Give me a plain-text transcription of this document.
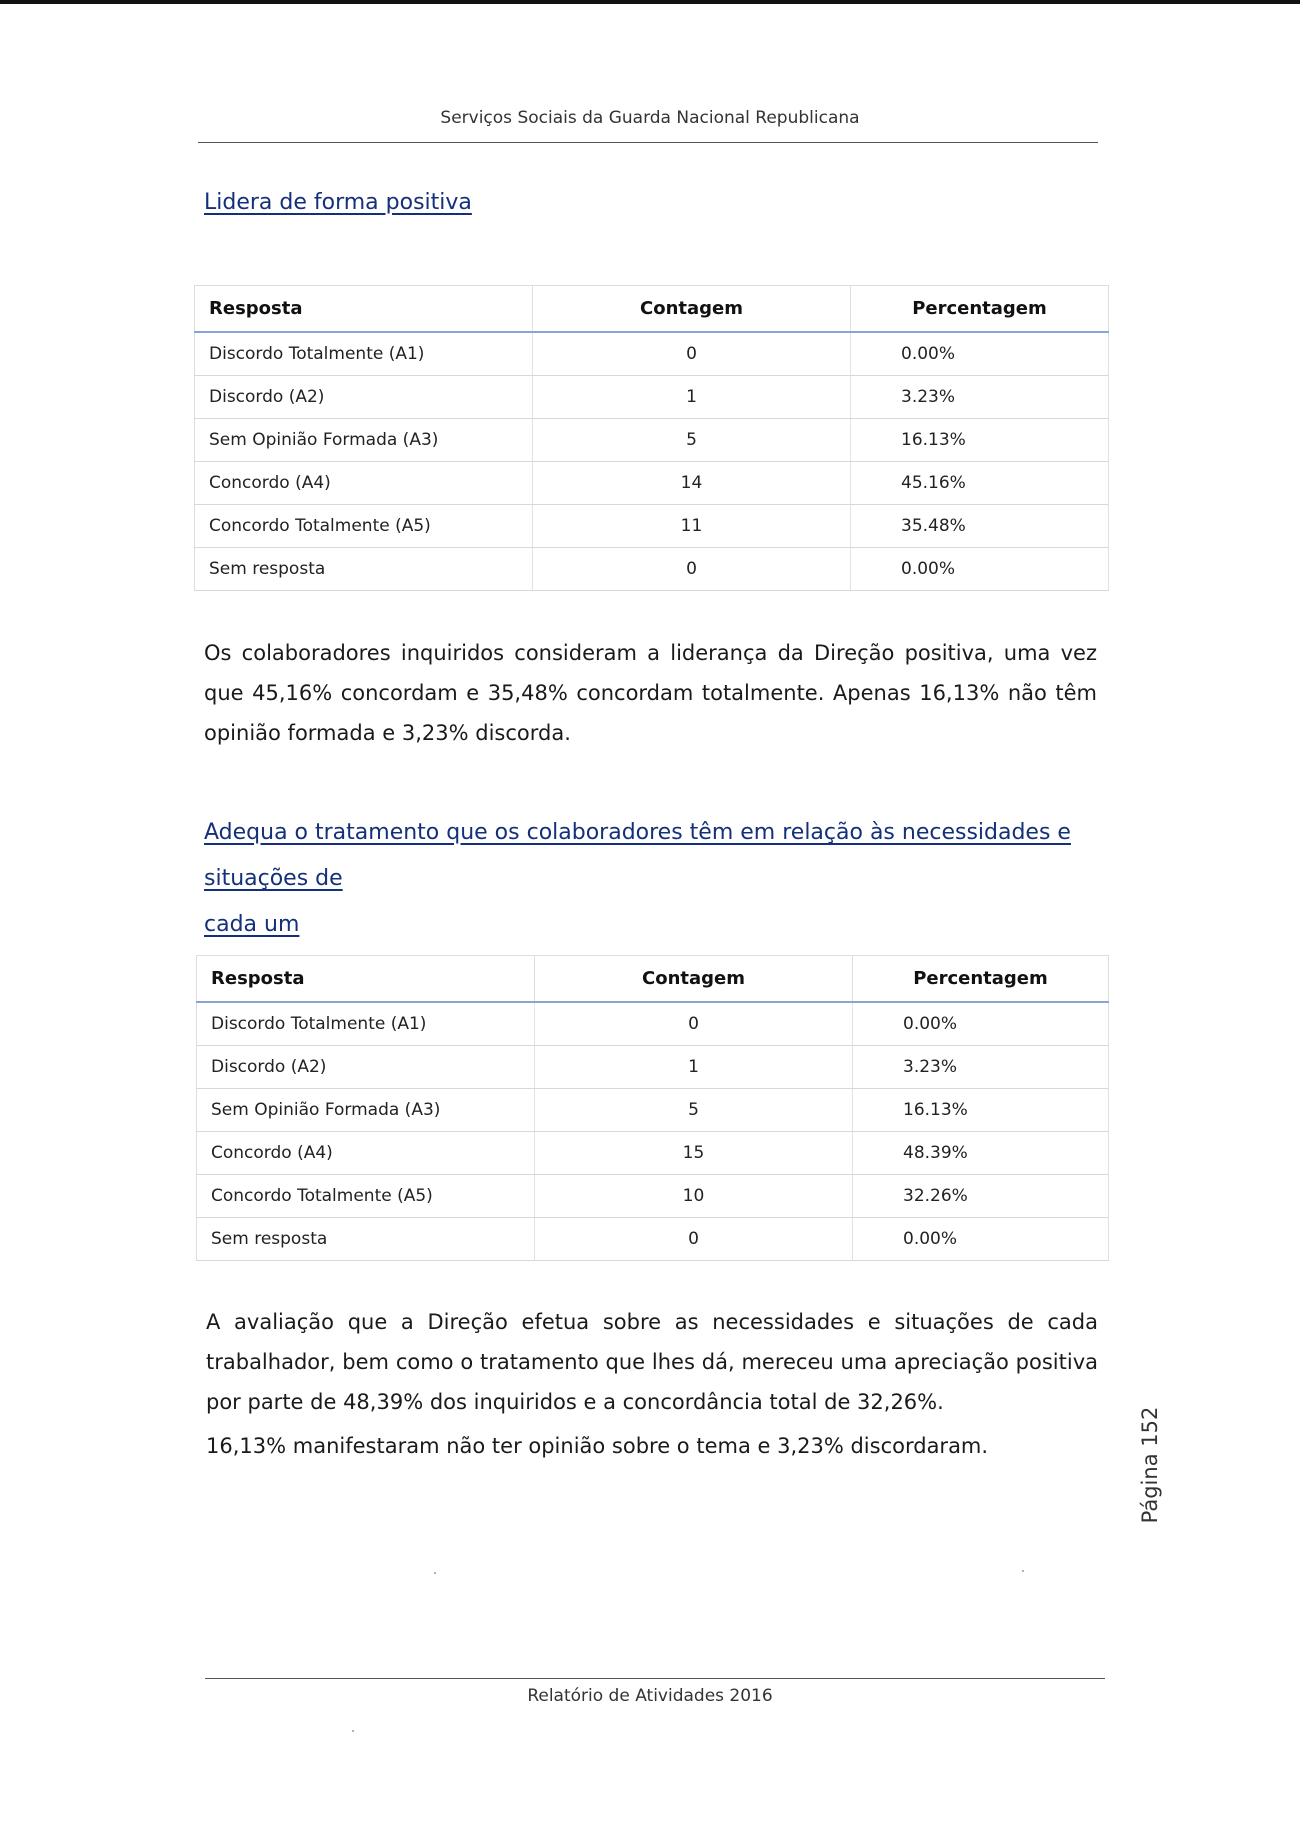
Serviços Sociais da Guarda Nacional Republicana
Lidera de forma positiva
Resposta	Contagem	Percentagem
Discordo Totalmente (A1)	0	0.00%
Discordo (A2)	1	3.23%
Sem Opinião Formada (A3)	5	16.13%
Concordo (A4)	14	45.16%
Concordo Totalmente (A5)	11	35.48%
Sem resposta	0	0.00%
Os colaboradores inquiridos consideram a liderança da Direção positiva, uma vez que 45,16% concordam e 35,48% concordam totalmente. Apenas 16,13% não têm opinião formada e 3,23% discorda.
Adequa o tratamento que os colaboradores têm em relação às necessidades e situações de
cada um
Resposta	Contagem	Percentagem
Discordo Totalmente (A1)	0	0.00%
Discordo (A2)	1	3.23%
Sem Opinião Formada (A3)	5	16.13%
Concordo (A4)	15	48.39%
Concordo Totalmente (A5)	10	32.26%
Sem resposta	0	0.00%
A avaliação que a Direção efetua sobre as necessidades e situações de cada trabalhador, bem como o tratamento que lhes dá, mereceu uma apreciação positiva por parte de 48,39% dos inquiridos e a concordância total de 32,26%.
16,13% manifestaram não ter opinião sobre o tema e 3,23% discordaram.	Página 152
Relatório de Atividades 2016
